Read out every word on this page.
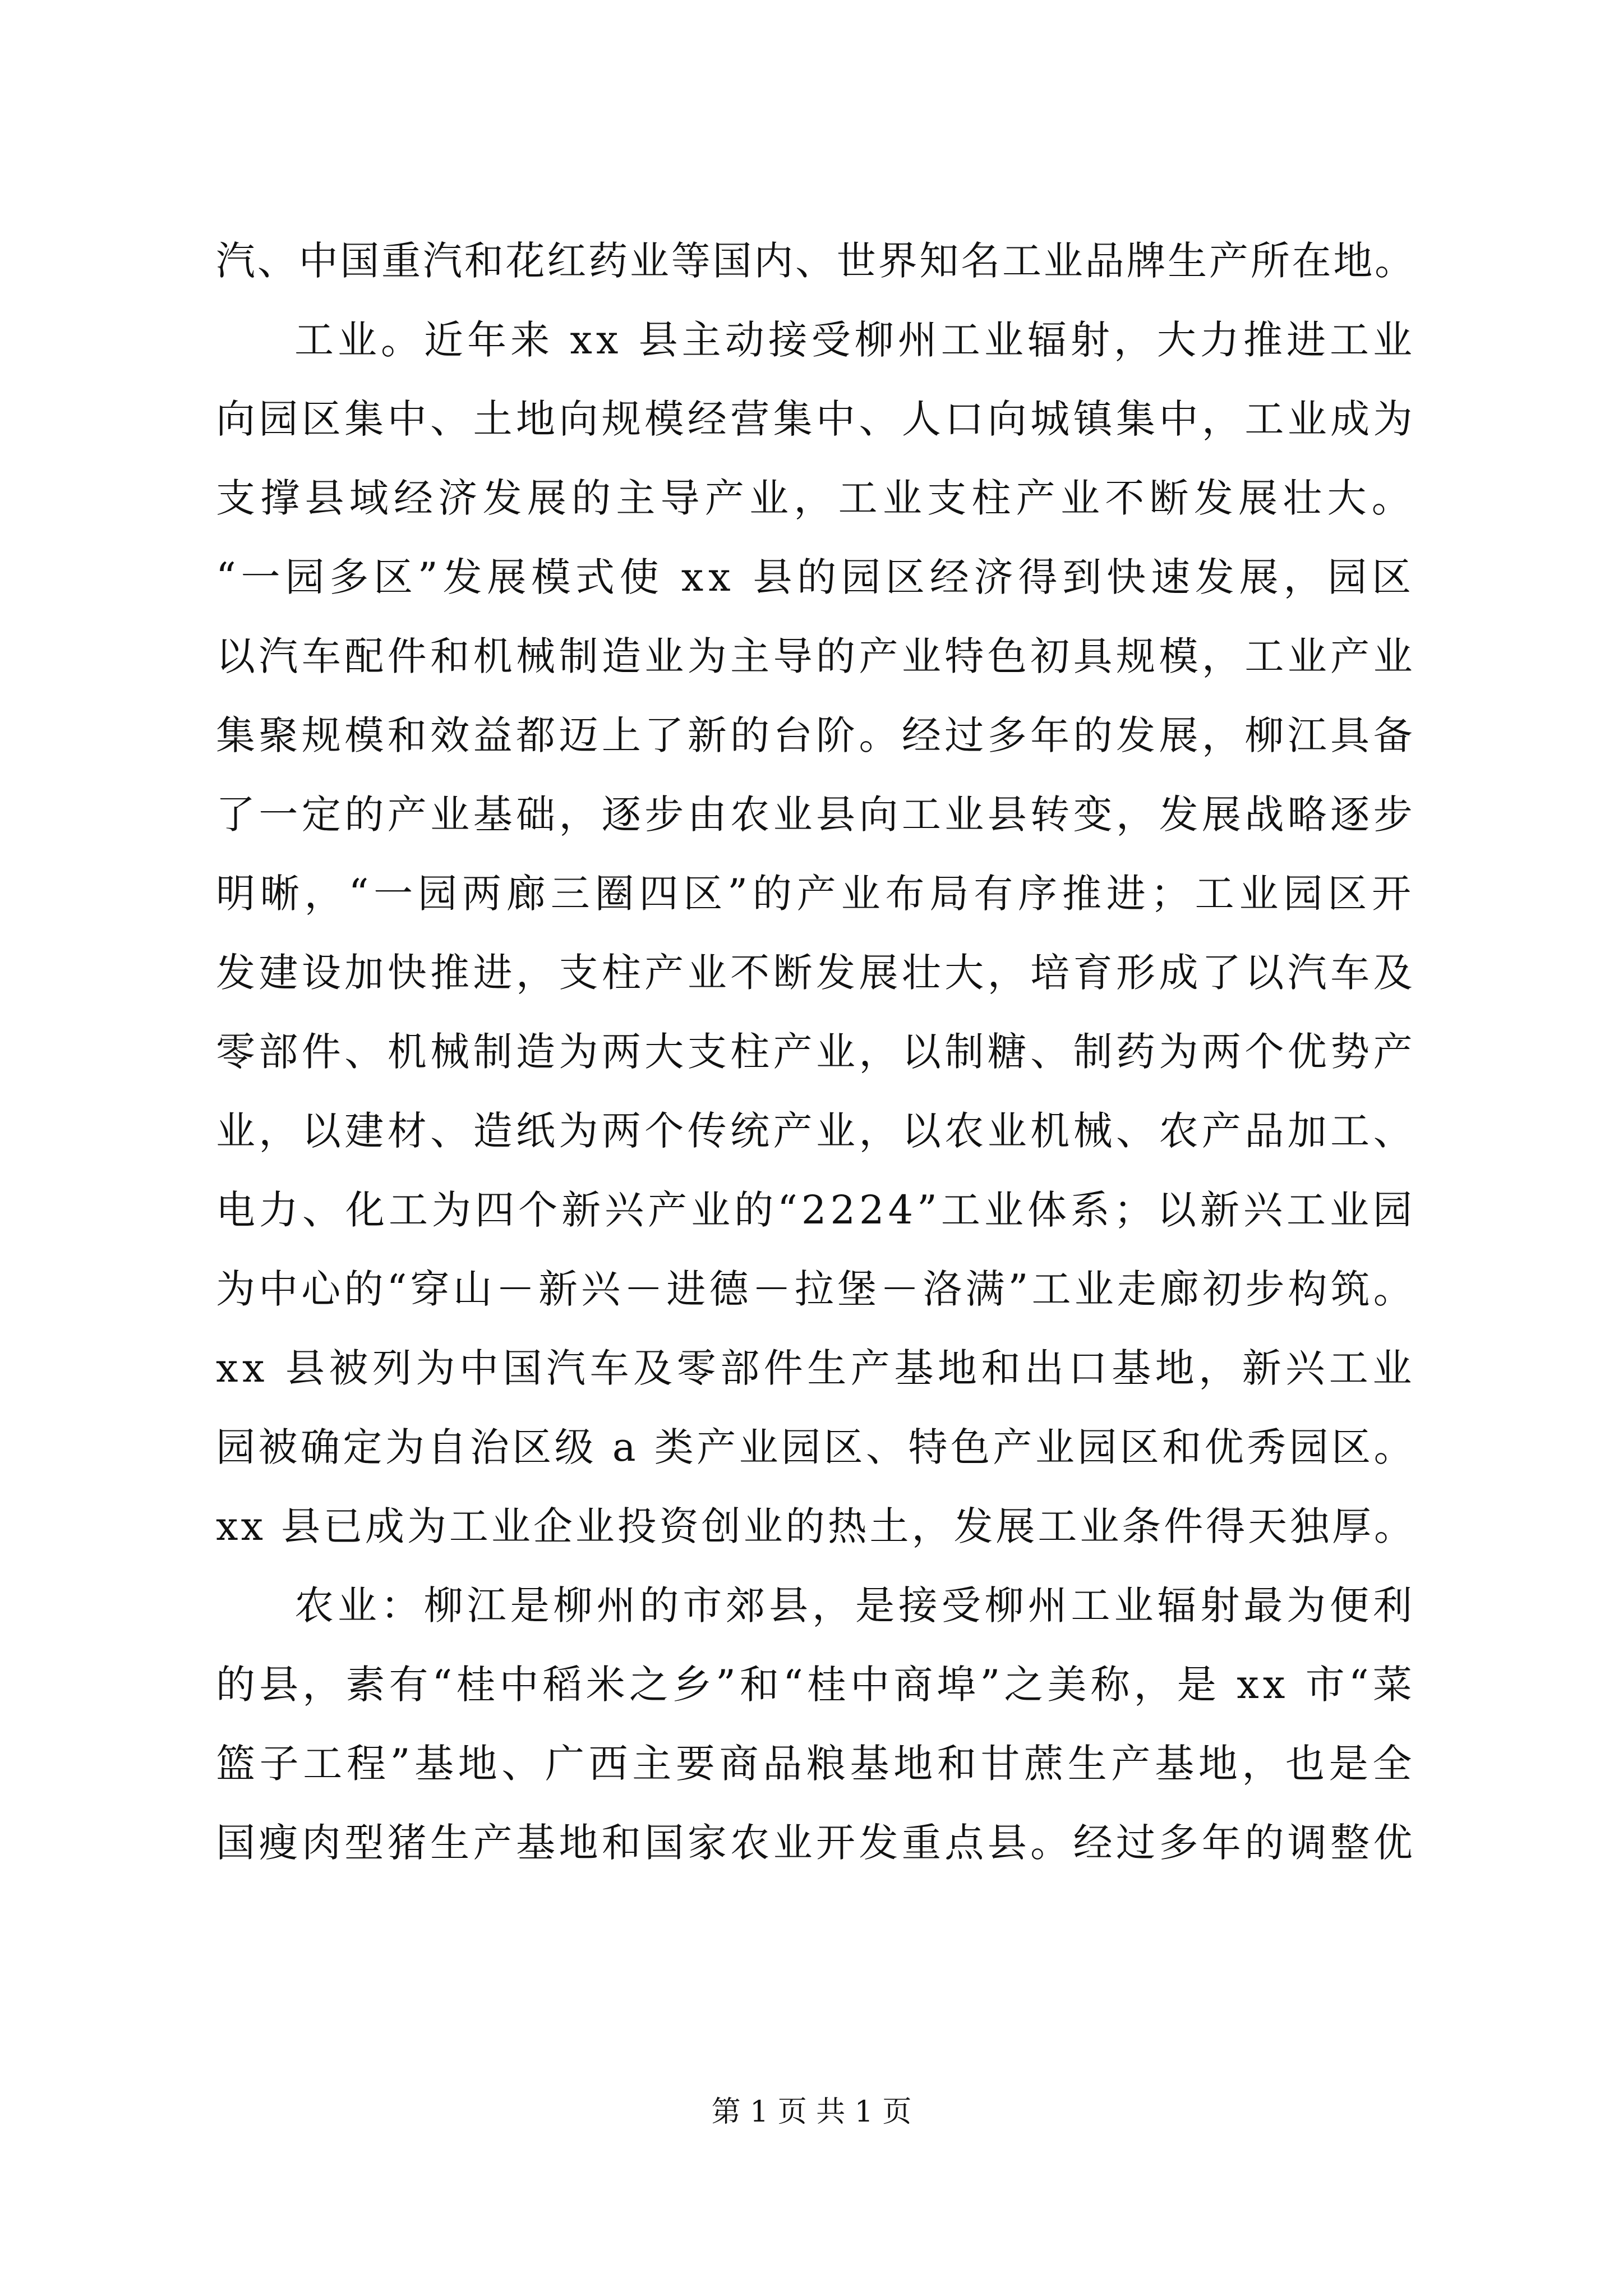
汽、中国重汽和花红药业等国内、世界知名工业品牌生产所在地。
工业。近年来 xx 县主动接受柳州工业辐射，大力推进工业
向园区集中、土地向规模经营集中、人口向城镇集中，工业成为
支撑县域经济发展的主导产业，工业支柱产业不断发展壮大。
“一园多区”发展模式使 xx 县的园区经济得到快速发展，园区
以汽车配件和机械制造业为主导的产业特色初具规模，工业产业
集聚规模和效益都迈上了新的台阶。经过多年的发展，柳江具备
了一定的产业基础，逐步由农业县向工业县转变，发展战略逐步
明晰，“一园两廊三圈四区”的产业布局有序推进；工业园区开
发建设加快推进，支柱产业不断发展壮大，培育形成了以汽车及
零部件、机械制造为两大支柱产业，以制糖、制药为两个优势产
业，以建材、造纸为两个传统产业，以农业机械、农产品加工、
电力、化工为四个新兴产业的“2224”工业体系；以新兴工业园
为中心的“穿山－新兴－进德－拉堡－洛满”工业走廊初步构筑。
xx 县被列为中国汽车及零部件生产基地和出口基地，新兴工业
园被确定为自治区级 a 类产业园区、特色产业园区和优秀园区。
xx 县已成为工业企业投资创业的热土，发展工业条件得天独厚。
农业：柳江是柳州的市郊县，是接受柳州工业辐射最为便利
的县，素有“桂中稻米之乡”和“桂中商埠”之美称，是 xx 市“菜
篮子工程”基地、广西主要商品粮基地和甘蔗生产基地，也是全
国瘦肉型猪生产基地和国家农业开发重点县。经过多年的调整优
第 1 页 共 1 页
